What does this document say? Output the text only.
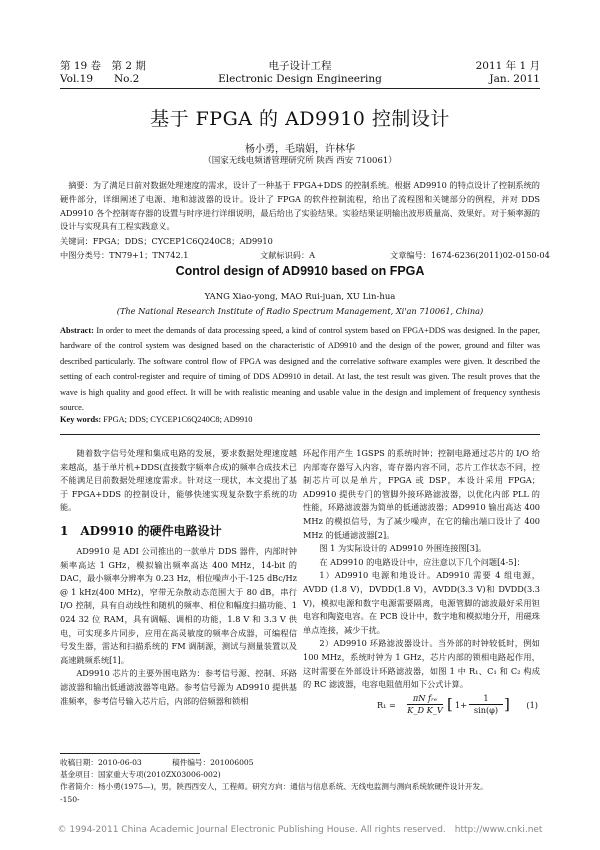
第 19 卷　第 2 期
Vol.19　　No.2
电子设计工程
Electronic Design Engineering
2011 年 1 月
Jan. 2011
基于 FPGA 的 AD9910 控制设计
杨小勇，毛瑞娟，许林华
（国家无线电频谱管理研究所 陕西 西安 710061）
摘要：为了满足日前对数据处理速度的需求，设计了一种基于 FPGA+DDS 的控制系统。根据 AD9910 的特点设计了控制系统的硬件部分，详细阐述了电源、地和滤波器的设计。设计了 FPGA 的软件控制流程，给出了流程图和关键部分的例程，并对 DDS AD9910 各个控制寄存器的设置与时序进行详细说明，最后给出了实验结果。实验结果证明输出波形质量高、效果好。对于频率源的设计与实现具有工程实践意义。
关键词：FPGA；DDS；CYCEP1C6Q240C8；AD9910
中图分类号：TN79+1；TN742.1	文献标识码：A	文章编号：1674-6236(2011)02-0150-04
Control design of AD9910 based on FPGA
YANG Xiao-yong, MAO Rui-juan, XU Lin-hua
(The National Research Institute of Radio Spectrum Management, Xi'an 710061, China)
Abstract: In order to meet the demands of data processing speed, a kind of control system based on FPGA+DDS was designed. In the paper, hardware of the control system was designed based on the characteristic of AD9910 and the design of the power, ground and filter was described particularly. The software control flow of FPGA was designed and the correlative software examples were given. It described the setting of each control-register and require of timing of DDS AD9910 in detail. At last, the test result was given. The result proves that the wave is high quality and good effect. It will be with realistic meaning and usable value in the design and implement of frequency synthesis source.
Key words: FPGA; DDS; CYCEP1C6Q240C8; AD9910

随着数字信号处理和集成电路的发展，要求数据处理速度越来越高，基于单片机+DDS(直接数字频率合成)的频率合成技术已不能满足目前数据处理速度需求。针对这一现状，本文提出了基于 FPGA+DDS 的控制设计，能够快速实现复杂数字系统的功能。

1　AD9910 的硬件电路设计

AD9910 是 ADI 公司推出的一款单片 DDS 器件，内部时钟频率高达 1 GHz，模拟输出频率高达 400 MHz，14-bit 的 DAC，最小频率分辨率为 0.23 Hz，相位噪声小于-125 dBc/Hz @ 1 kHz(400 MHz)，窄带无杂散动态范围大于 80 dB，串行 I/O 控制，具有自动线性和随机的频率、相位和幅度扫描功能、1 024 32 位 RAM，具有调幅、调相的功能，1.8 V 和 3.3 V 供电，可实现多片同步，应用在高灵敏度的频率合成器，可编程信号发生器，雷达和扫描系统的 FM 调制源，测试与测量装置以及高速跳频系统[1]。

AD9910 芯片的主要外围电路为：参考信号源、控制、环路滤波器和输出低通滤波器等电路。参考信号源为 AD9910 提供基准频率，参考信号输入芯片后，内部的倍频器和锁相

环起作用产生 1GSPS 的系统时钟；控制电路通过芯片的 I/O 给内部寄存器写入内容，寄存器内容不同，芯片工作状态不同，控制芯片可以是单片，FPGA 或 DSP，本设计采用 FPGA；AD9910 提供专门的管脚外接环路滤波器，以优化内部 PLL 的性能，环路滤波器为简单的低通滤波器；AD9910 输出高达 400 MHz 的模拟信号，为了减少噪声，在它的输出端口设计了 400 MHz 的低通滤波器[2]。

图 1 为实际设计的 AD9910 外围连接图[3]。

在 AD9910 的电路设计中，应注意以下几个问题[4-5]：

1）AD9910 电源和地设计。AD9910 需要 4 组电源，AVDD (1.8 V)，DVDD(1.8 V)，AVDD(3.3 V)和 DVDD(3.3 V)，模拟电源和数字电源需要隔离，电源管脚的滤波最好采用钽电容和陶瓷电容。在 PCB 设计中，数字地和模拟地分开，用磁珠单点连接，减少干扰。

2）AD9910 环路滤波器设计。当外部的时钟较低时，例如 100 MHz，系统时钟为 1 GHz，芯片内部的锁相电路起作用，这时需要在外部设计环路滤波器，如图 1 中 R₁、C₁ 和 C₂ 构成的 RC 滤波器，电容电阻值用如下公式计算。

R₁ =
πN fᵣₑ
K_D K_V [ $1+ \frac{1}{\sin(\varphi)}$ ] (1)
收稿日期：2010-06-03　　　　稿件编号：201006005
基金项目：国家重大专项(2010ZX03006-002)
作者简介：杨小勇(1975—)，男，陕西西安人，工程师。研究方向：通信与信息系统、无线电监测与测向系统软硬件设计开发。
-150-
© 1994-2011 China Academic Journal Electronic Publishing House. All rights reserved.　http://www.cnki.net
